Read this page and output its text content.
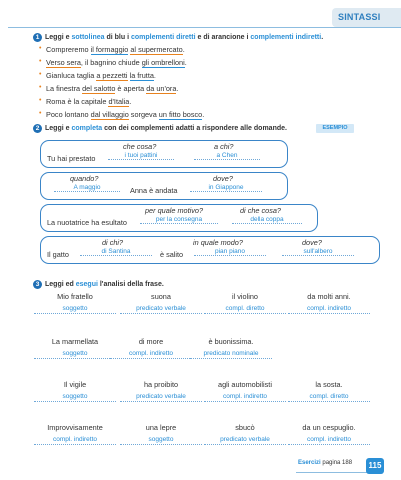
SINTASSI
1 Leggi e sottolinea di blu i complementi diretti e di arancione i complementi indiretti.
• Compreremo il formaggio al supermercato.
• Verso sera, il bagnino chiude gli ombrelloni.
• Gianluca taglia a pezzetti la frutta.
• La finestra del salotto è aperta da un'ora.
• Roma è la capitale d'Italia.
• Poco lontano dal villaggio sorgeva un fitto bosco.
2 Leggi e completa con dei complementi adatti a rispondere alle domande.	ESEMPIO
che cosa?	a chi?
Tu hai prestato	i tuoi pattini	a Chen
quando?	dove?
A maggio	Anna è andata	in Giappone
per quale motivo?	di che cosa?
La nuotatrice ha esultato	per la consegna	della coppa
di chi?	in quale modo?	dove?
Il gatto	di Santina	è salito	pian piano	sull'albero
3 Leggi ed esegui l'analisi della frase.
Mio fratello	suona	il violino	da molti anni.
soggetto	predicato verbale	compl. diretto	compl. indiretto
La marmellata	di more	è buonissima.
soggetto	compl. indiretto	predicato nominale
Il vigile	ha proibito	agli automobilisti	la sosta.
soggetto	predicato verbale	compl. indiretto	compl. diretto
Improvvisamente	una lepre	sbucò	da un cespuglio.
compl. indiretto	soggetto	predicato verbale	compl. indiretto
Esercizi pagina 188	115
